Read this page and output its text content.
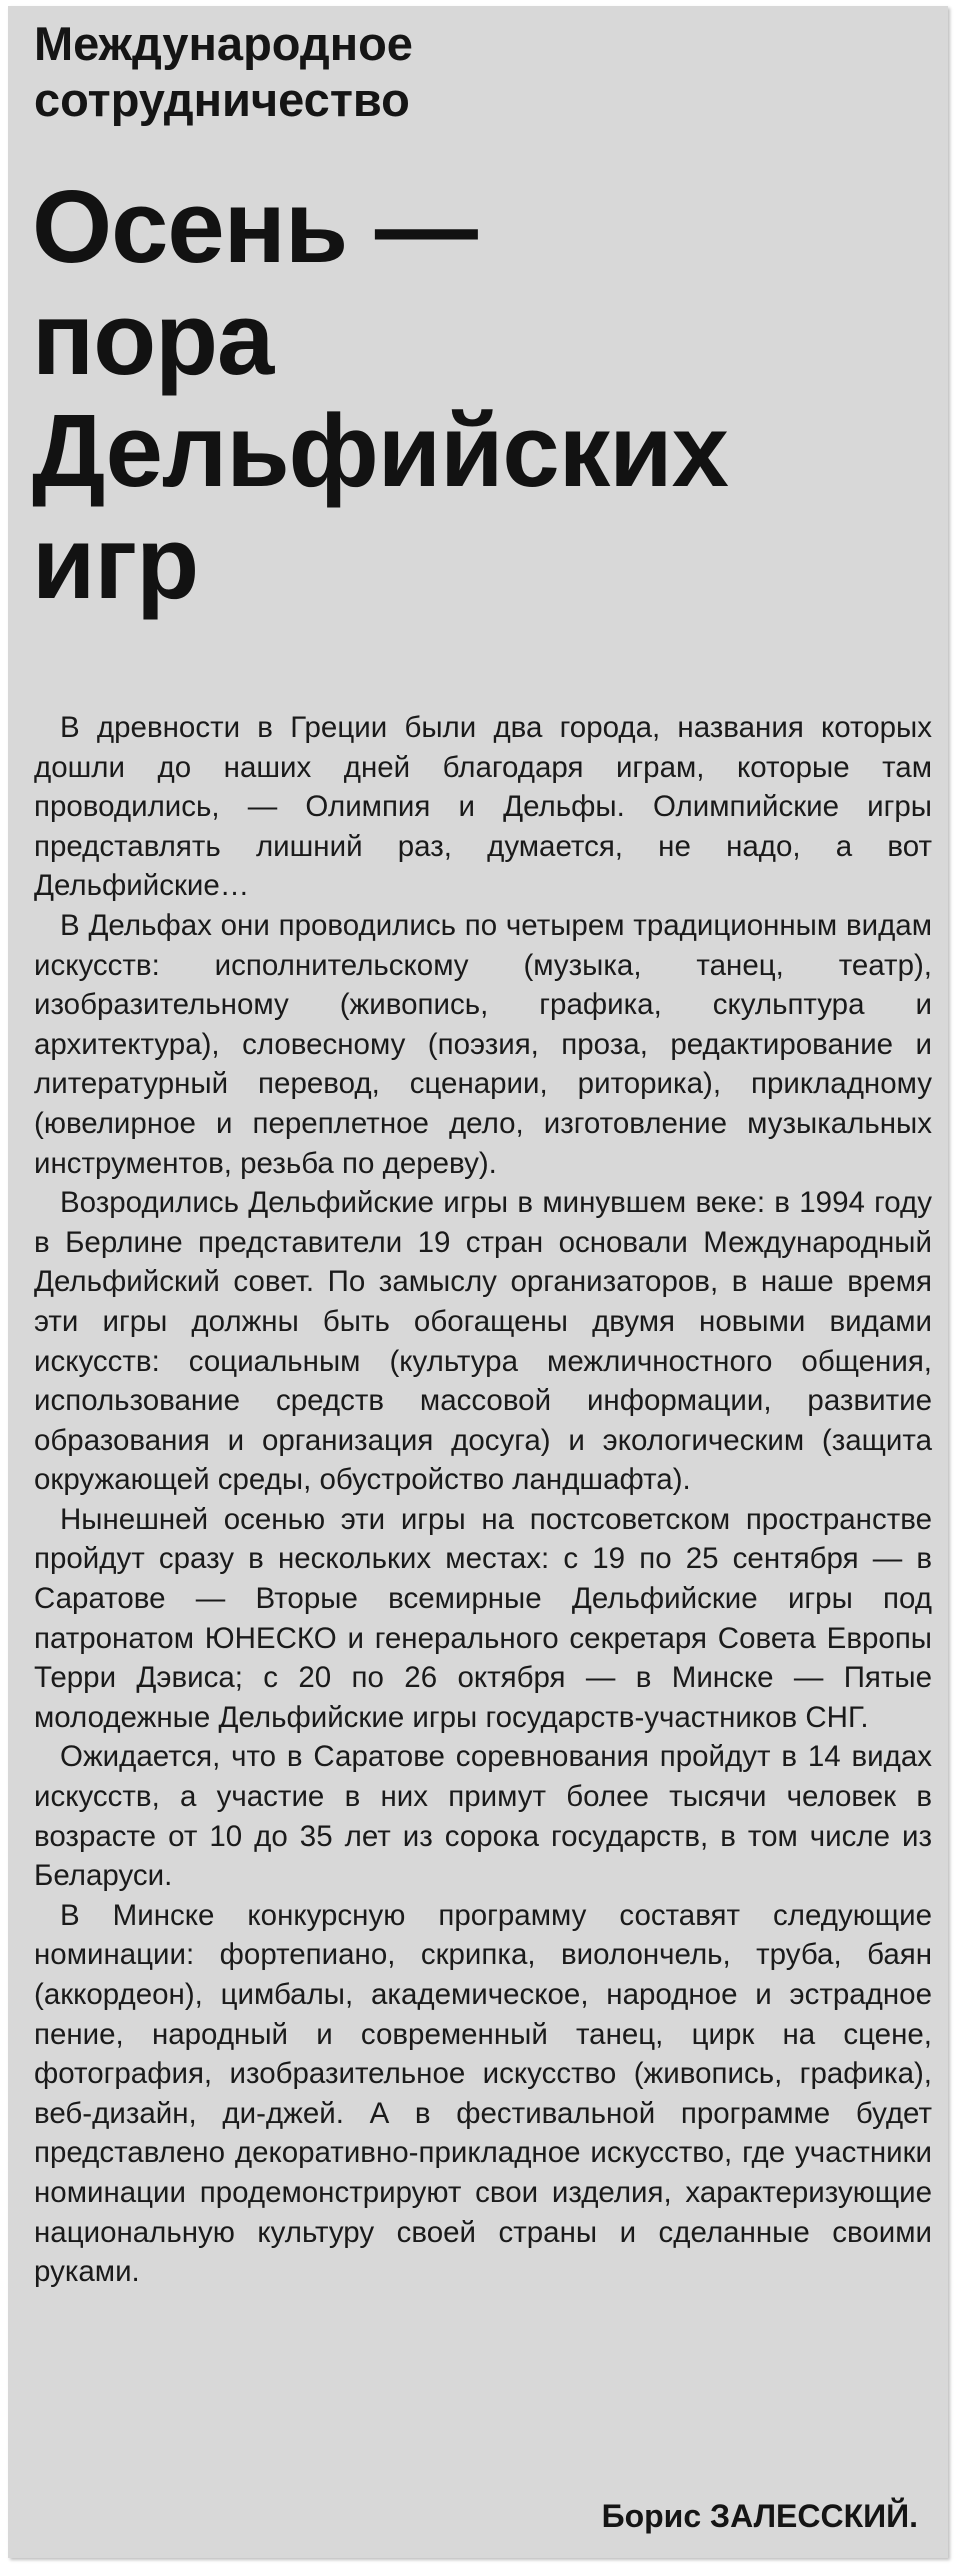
Международное
сотрудничество
Осень —
пора
Дельфийских
игр

В древности в Греции были два города, названия которых дошли до наших дней благодаря играм, которые там проводились, — Олимпия и Дельфы. Олимпийские игры представлять лишний раз, думается, не надо, а вот Дельфийские…

В Дельфах они проводились по четырем традиционным видам искусств: исполнительскому (музыка, танец, театр), изобразительному (живопись, графика, скульптура и архитектура), словесному (поэзия, проза, редактирование и литературный перевод, сценарии, риторика), прикладному (ювелирное и переплетное дело, изготовление музыкальных инструментов, резьба по дереву).

Возродились Дельфийские игры в минувшем веке: в 1994 году в Берлине представители 19 стран основали Международный Дельфийский совет. По замыслу организаторов, в наше время эти игры должны быть обогащены двумя новыми видами искусств: социальным (культура межличностного общения, использование средств массовой информации, развитие образования и организация досуга) и экологическим (защита окружающей среды, обустройство ландшафта).

Нынешней осенью эти игры на постсоветском пространстве пройдут сразу в нескольких местах: с 19 по 25 сентября — в Саратове — Вторые всемирные Дельфийские игры под патронатом ЮНЕСКО и генерального секретаря Совета Европы Терри Дэвиса; с 20 по 26 октября — в Минске — Пятые молодежные Дельфийские игры государств-участников СНГ.

Ожидается, что в Саратове соревнования пройдут в 14 видах искусств, а участие в них примут более тысячи человек в возрасте от 10 до 35 лет из сорока государств, в том числе из Беларуси.

В Минске конкурсную программу составят следующие номинации: фортепиано, скрипка, виолончель, труба, баян (аккордеон), цимбалы, академическое, народное и эстрадное пение, народный и современный танец, цирк на сцене, фотография, изобразительное искусство (живопись, графика), веб-дизайн, ди-джей. А в фестивальной программе будет представлено декоративно-прикладное искусство, где участники номинации продемонстрируют свои изделия, характеризующие национальную культуру своей страны и сделанные своими руками.

Борис ЗАЛЕССКИЙ.
